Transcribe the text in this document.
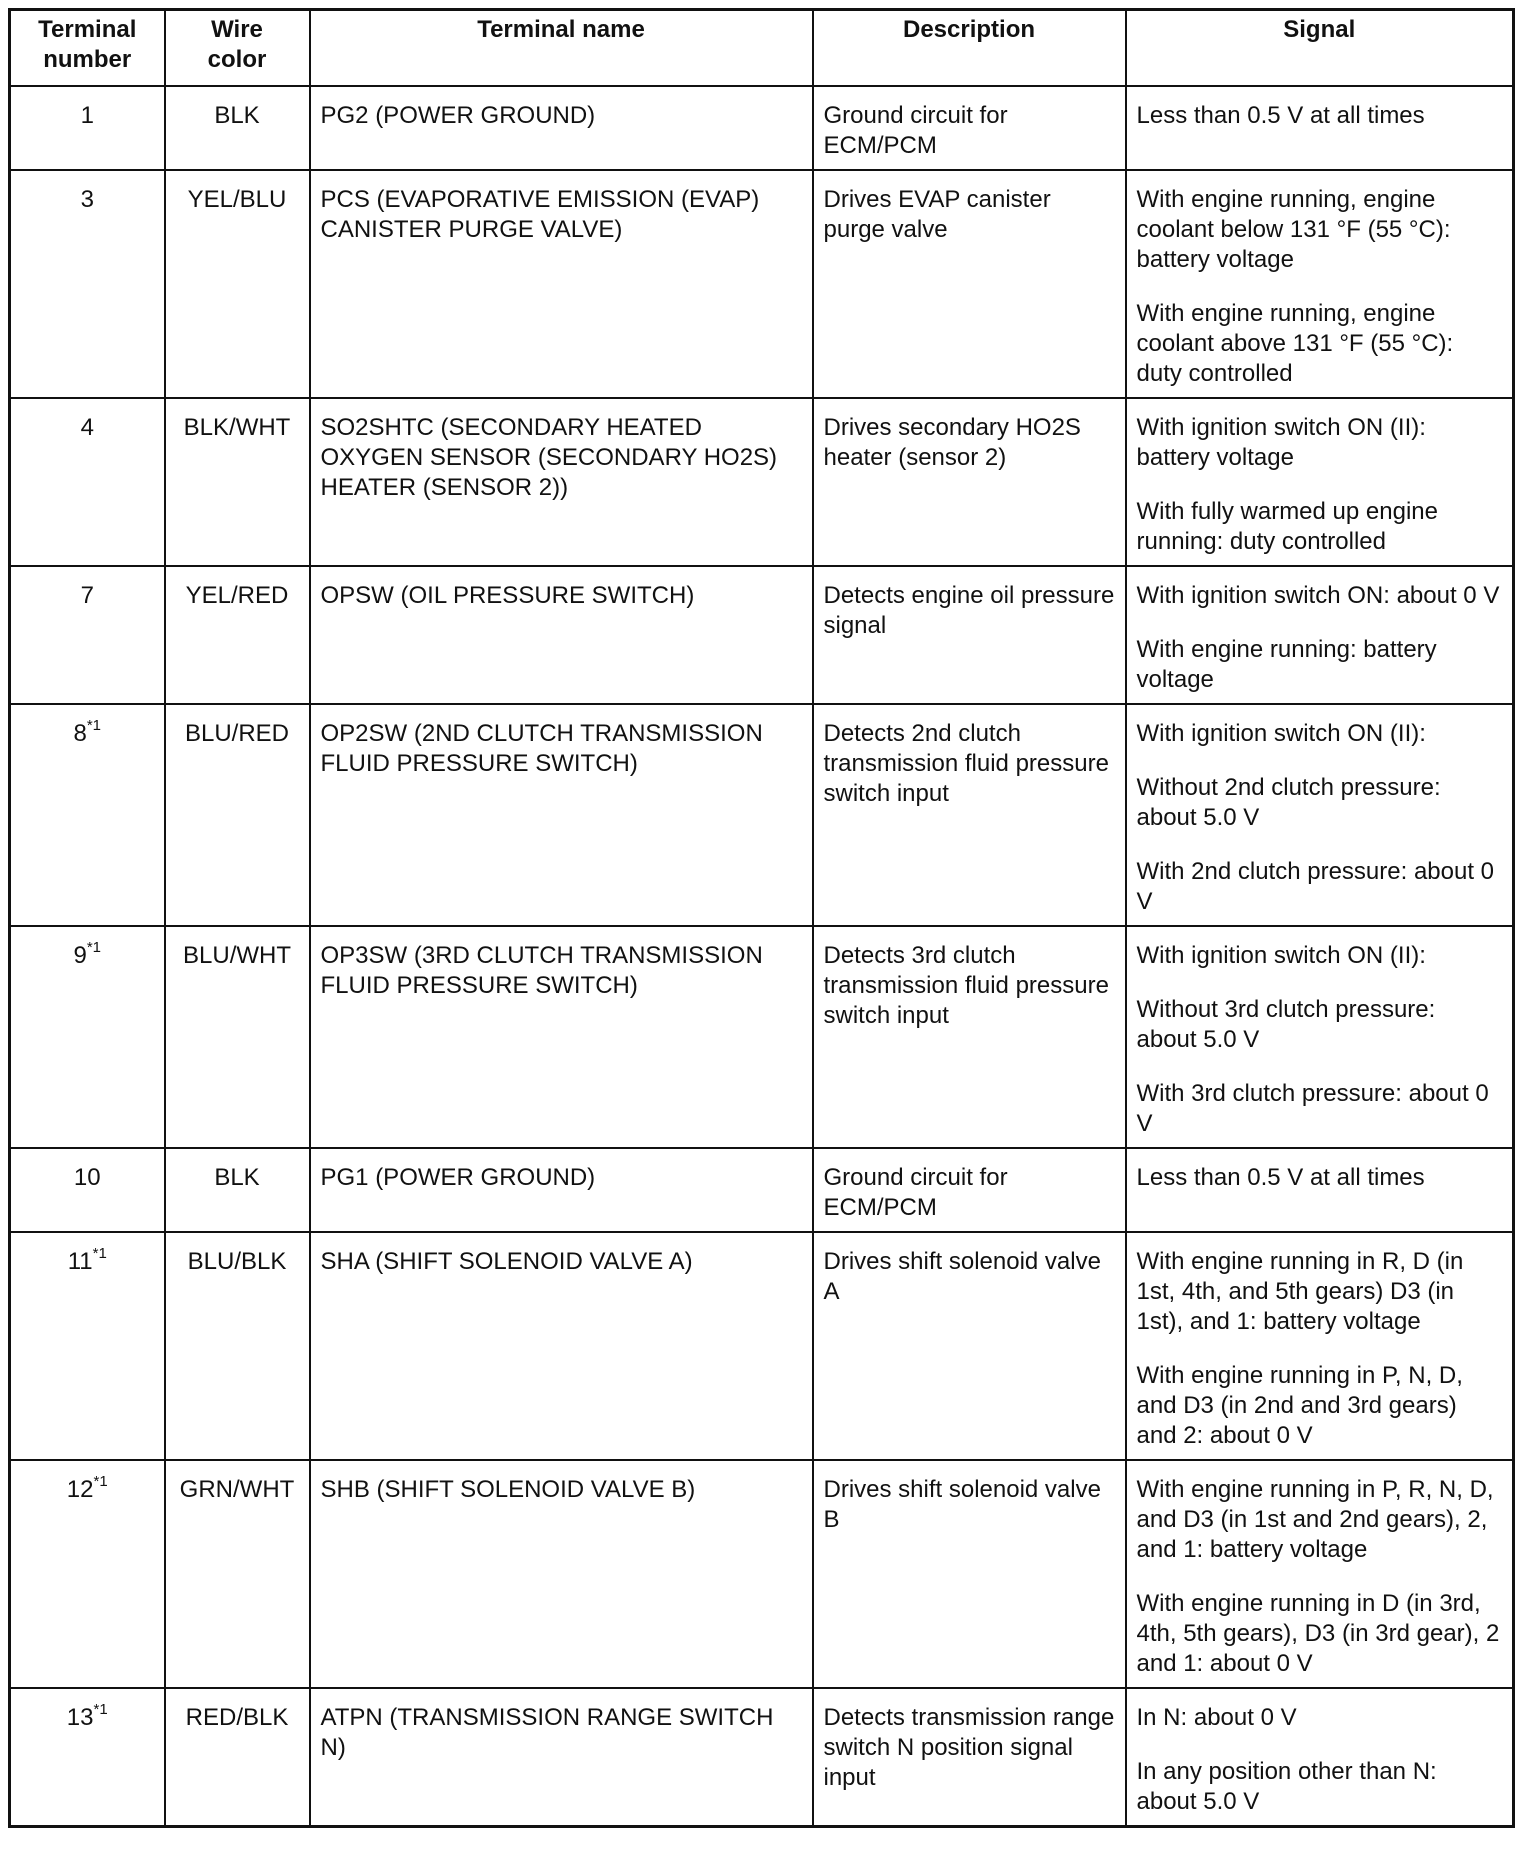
Terminal
number	Wire
color	Terminal name	Description	Signal
1	BLK	PG2 (POWER GROUND)	Ground circuit for ECM/PCM	Less than 0.5 V at all times

3	YEL/BLU	PCS (EVAPORATIVE EMISSION (EVAP) CANISTER PURGE VALVE)	Drives EVAP canister purge valve	With engine running, engine coolant below 131 °F (55 °C): battery voltage
With engine running, engine coolant above 131 °F (55 °C): duty controlled

4	BLK/WHT	SO2SHTC (SECONDARY HEATED OXYGEN SENSOR (SECONDARY HO2S) HEATER (SENSOR 2))	Drives secondary HO2S heater (sensor 2)	With ignition switch ON (II): battery voltage
With fully warmed up engine running: duty controlled

7	YEL/RED	OPSW (OIL PRESSURE SWITCH)	Detects engine oil pressure signal	With ignition switch ON: about 0 V
With engine running: battery voltage

8$^{*1}$	BLU/RED	OP2SW (2ND CLUTCH TRANSMISSION FLUID PRESSURE SWITCH)	Detects 2nd clutch transmission fluid pressure switch input	With ignition switch ON (II):
Without 2nd clutch pressure: about 5.0 V
With 2nd clutch pressure: about 0 V

9$^{*1}$	BLU/WHT	OP3SW (3RD CLUTCH TRANSMISSION FLUID PRESSURE SWITCH)	Detects 3rd clutch transmission fluid pressure switch input	With ignition switch ON (II):
Without 3rd clutch pressure: about 5.0 V
With 3rd clutch pressure: about 0 V

10	BLK	PG1 (POWER GROUND)	Ground circuit for ECM/PCM	Less than 0.5 V at all times

11$^{*1}$	BLU/BLK	SHA (SHIFT SOLENOID VALVE A)	Drives shift solenoid valve A	With engine running in R, D (in 1st, 4th, and 5th gears) D3 (in 1st), and 1: battery voltage
With engine running in P, N, D, and D3 (in 2nd and 3rd gears) and 2: about 0 V

12$^{*1}$	GRN/WHT	SHB (SHIFT SOLENOID VALVE B)	Drives shift solenoid valve B	With engine running in P, R, N, D, and D3 (in 1st and 2nd gears), 2, and 1: battery voltage
With engine running in D (in 3rd, 4th, 5th gears), D3 (in 3rd gear), 2 and 1: about 0 V

13$^{*1}$	RED/BLK	ATPN (TRANSMISSION RANGE SWITCH N)	Detects transmission range switch N position signal input	In N: about 0 V
In any position other than N: about 5.0 V
